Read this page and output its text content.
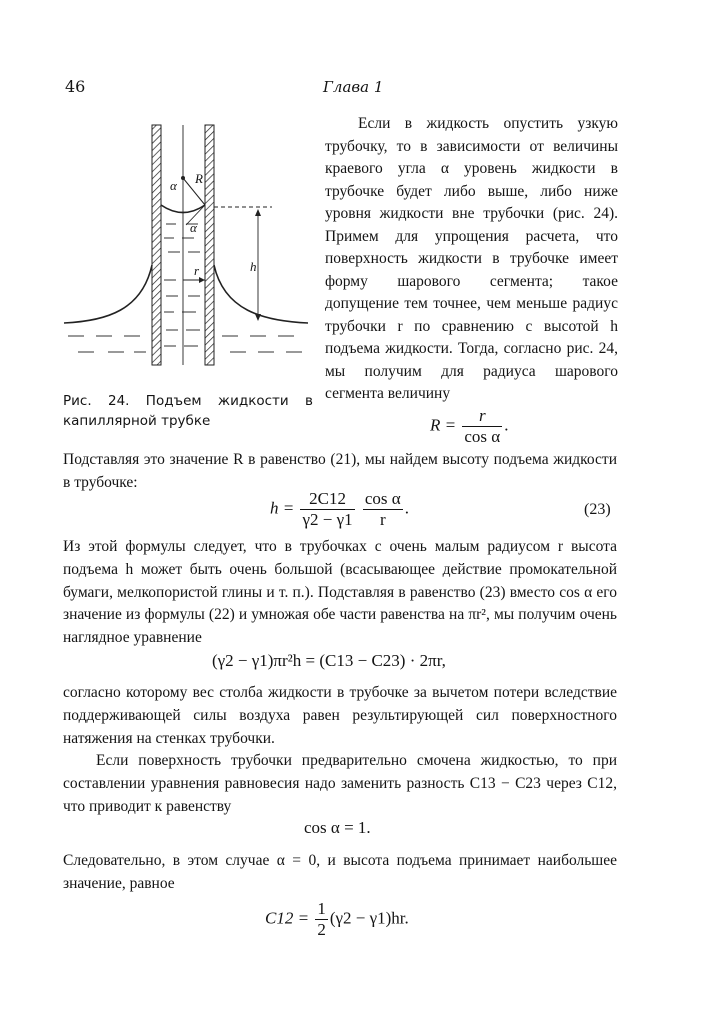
46	Глава 1
α R
α
r	h
Рис. 24. Подъем жидкости в капиллярной трубке
Если в жидкость опустить узкую трубочку, то в зависимости от величины краевого угла α уровень жидкости в трубочке будет либо выше, либо ниже уровня жидкости вне трубочки (рис. 24). Примем для упрощения расчета, что поверхность жидкости в трубочке имеет форму шарового сегмента; такое допущение тем точнее, чем меньше радиус трубочки r по сравнению с высотой h подъема жидкости. Тогда, согласно рис. 24, мы получим для радиуса шарового сегмента величину
$R = \frac{r}{\text{cos α}}$ .
Подставляя это значение R в равенство (21), мы найдем высоту подъема жидкости в трубочке:
$h = \frac{2C12}{\gamma 2 - \gamma 1}$
$\frac{\text{cos α}}{r}$ .	(23)
Из этой формулы следует, что в трубочках с очень малым радиусом r высота подъема h может быть очень большой (всасывающее действие промокательной бумаги, мелкопористой глины и т. п.). Подставляя в равенство (23) вместо cos α его значение из формулы (22) и умножая обе части равенства на πr², мы получим очень наглядное уравнение
(γ2 − γ1)πr²h = (C13 − C23) · 2πr,
согласно которому вес столба жидкости в трубочке за вычетом потери вследствие поддерживающей силы воздуха равен результирующей сил поверхностного натяжения на стенках трубочки.
Если поверхность трубочки предварительно смочена жидкостью, то при составлении уравнения равновесия надо заменить разность C13 − C23 через C12, что приводит к равенству
cos α = 1.
Следовательно, в этом случае α = 0, и высота подъема принимает наибольшее значение, равное
$C12 = \frac{1}{2} (\gamma 2 - \gamma 1)hr$.
